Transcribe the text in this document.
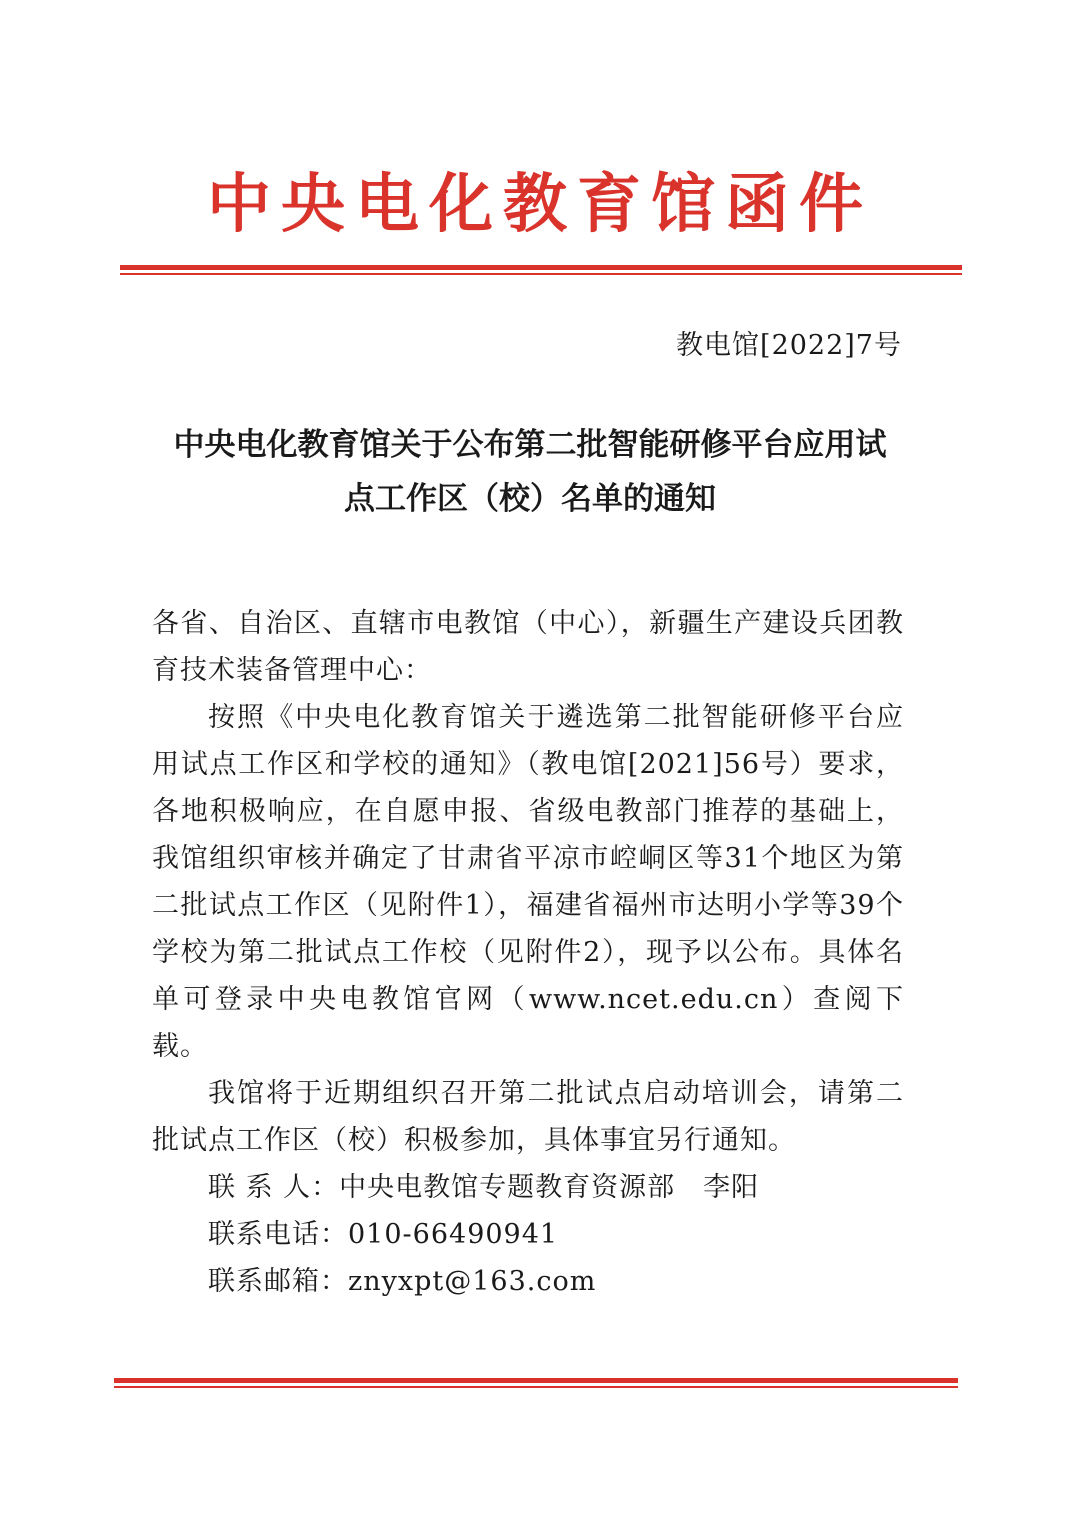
中央电化教育馆函件
教电馆[2022]7号
中央电化教育馆关于公布第二批智能研修平台应用试
点工作区（校）名单的通知

各省、自治区、直辖市电教馆（中心），新疆生产建设兵团教育技术装备管理中心：

按照《中央电化教育馆关于遴选第二批智能研修平台应用试点工作区和学校的通知》（教电馆[2021]56号）要求，各地积极响应，在自愿申报、省级电教部门推荐的基础上，我馆组织审核并确定了甘肃省平凉市崆峒区等31个地区为第二批试点工作区（见附件1），福建省福州市达明小学等39个学校为第二批试点工作校（见附件2），现予以公布。具体名单可登录中央电教馆官网（www.ncet.edu.cn）查阅下载。

我馆将于近期组织召开第二批试点启动培训会，请第二批试点工作区（校）积极参加，具体事宜另行通知。

联 系 人：中央电教馆专题教育资源部　李阳
联系电话：010-66490941
联系邮箱：znyxpt@163.com
